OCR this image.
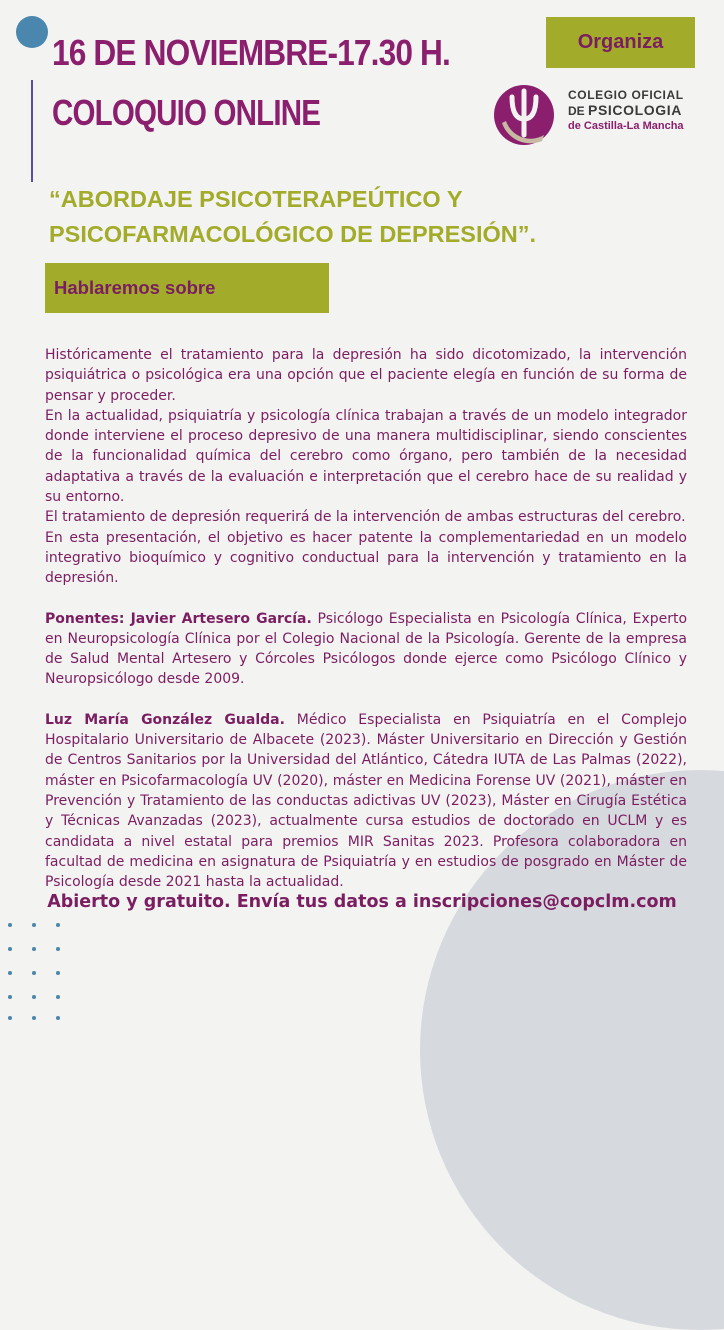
16 DE NOVIEMBRE-17.30 H.
COLOQUIO ONLINE
Organiza
COLEGIO OFICIAL
DE PSICOLOGIA
de Castilla-La Mancha
“ABORDAJE PSICOTERAPEÚTICO Y PSICOFARMACOLÓGICO DE DEPRESIÓN”.
Hablaremos sobre

Históricamente el tratamiento para la depresión ha sido dicotomizado, la intervención psiquiátrica o psicológica era una opción que el paciente elegía en función de su forma de pensar y proceder.

En la actualidad, psiquiatría y psicología clínica trabajan a través de un modelo integrador donde interviene el proceso depresivo de una manera multidisciplinar, siendo conscientes de la funcionalidad química del cerebro como órgano, pero también de la necesidad adaptativa a través de la evaluación e interpretación que el cerebro hace de su realidad y su entorno.

El tratamiento de depresión requerirá de la intervención de ambas estructuras del cerebro.

En esta presentación, el objetivo es hacer patente la complementariedad en un modelo integrativo bioquímico y cognitivo conductual para la intervención y tratamiento en la depresión.

Ponentes: Javier Artesero García. Psicólogo Especialista en Psicología Clínica, Experto en Neuropsicología Clínica por el Colegio Nacional de la Psicología. Gerente de la empresa de Salud Mental Artesero y Córcoles Psicólogos donde ejerce como Psicólogo Clínico y Neuropsicólogo desde 2009.

Luz María González Gualda. Médico Especialista en Psiquiatría en el Complejo Hospitalario Universitario de Albacete (2023). Máster Universitario en Dirección y Gestión de Centros Sanitarios por la Universidad del Atlántico, Cátedra IUTA de Las Palmas (2022), máster en Psicofarmacología UV (2020), máster en Medicina Forense UV (2021), máster en Prevención y Tratamiento de las conductas adictivas UV (2023), Máster en Cirugía Estética y Técnicas Avanzadas (2023), actualmente cursa estudios de doctorado en UCLM y es candidata a nivel estatal para premios MIR Sanitas 2023. Profesora colaboradora en facultad de medicina en asignatura de Psiquiatría y en estudios de posgrado en Máster de Psicología desde 2021 hasta la actualidad.

Abierto y gratuito. Envía tus datos a inscripciones@copclm.com
